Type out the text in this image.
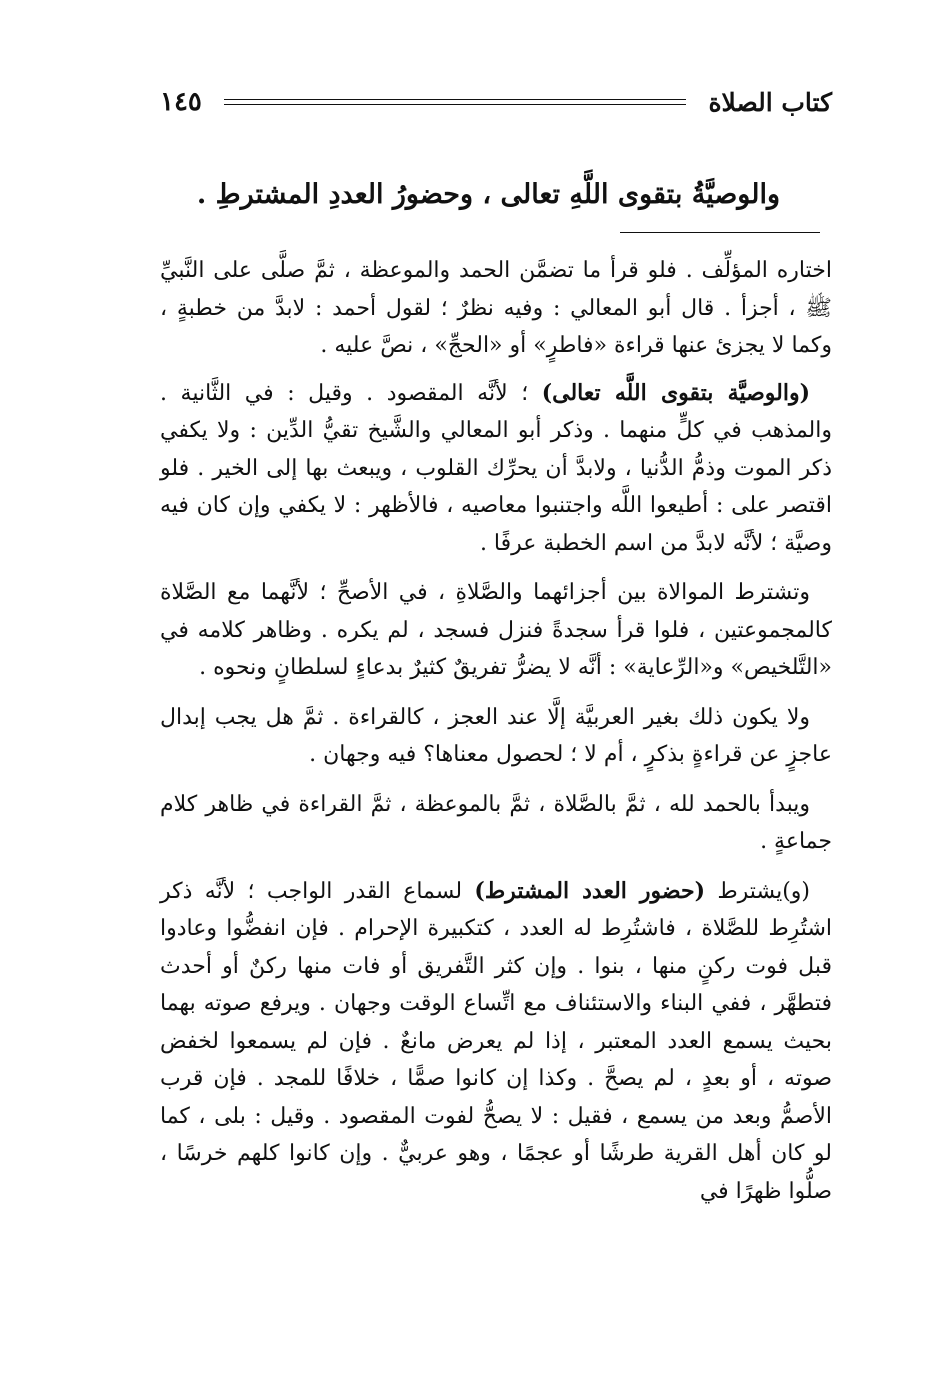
كتاب الصلاة
١٤٥
والوصيَّةُ بتقوى اللَّهِ تعالى ، وحضورُ العددِ المشترطِ .

اختاره المؤلِّف . فلو قرأ ما تضمَّن الحمد والموعظة ، ثمَّ صلَّى على النَّبيِّ ﷺ ، أجزأ . قال أبو المعالي : وفيه نظرٌ ؛ لقول أحمد : لابدَّ من خطبةٍ ، وكما لا يجزئ عنها قراءة «فاطرٍ» أو «الحجِّ» ، نصَّ عليه .

(والوصيَّة بتقوى اللَّه تعالى) ؛ لأنَّه المقصود . وقيل : في الثَّانية . والمذهب في كلٍّ منهما . وذكر أبو المعالي والشَّيخ تقيُّ الدِّين : ولا يكفي ذكر الموت وذمُّ الدُّنيا ، ولابدَّ أن يحرِّك القلوب ، ويبعث بها إلى الخير . فلو اقتصر على : أطيعوا اللَّه واجتنبوا معاصيه ، فالأظهر : لا يكفي وإن كان فيه وصيَّة ؛ لأنَّه لابدَّ من اسم الخطبة عرفًا .

وتشترط الموالاة بين أجزائهما والصَّلاةِ ، في الأصحِّ ؛ لأنَّهما مع الصَّلاة كالمجموعتين ، فلوا قرأ سجدةً فنزل فسجد ، لم يكره . وظاهر كلامه في «التَّلخيص» و«الرِّعاية» : أنَّه لا يضرُّ تفريقٌ كثيرٌ بدعاءٍ لسلطانٍ ونحوه .

ولا يكون ذلك بغير العربيَّة إلَّا عند العجز ، كالقراءة . ثمَّ هل يجب إبدال عاجزٍ عن قراءةٍ بذكرٍ ، أم لا ؛ لحصول معناها؟ فيه وجهان .

ويبدأ بالحمد لله ، ثمَّ بالصَّلاة ، ثمَّ بالموعظة ، ثمَّ القراءة في ظاهر كلام جماعةٍ .

(و)يشترط (حضور العدد المشترط) لسماع القدر الواجب ؛ لأنَّه ذكر اشتُرِط للصَّلاة ، فاشتُرِط له العدد ، كتكبيرة الإحرام . فإن انفضُّوا وعادوا قبل فوت ركنٍ منها ، بنوا . وإن كثر التَّفريق أو فات منها ركنٌ أو أحدث فتطهَّر ، ففي البناء والاستئناف مع اتِّساع الوقت وجهان . ويرفع صوته بهما بحيث يسمع العدد المعتبر ، إذا لم يعرض مانعٌ . فإن لم يسمعوا لخفض صوته ، أو بعدٍ ، لم يصحَّ . وكذا إن كانوا صمًّا ، خلافًا للمجد . فإن قرب الأصمُّ وبعد من يسمع ، فقيل : لا يصحُّ لفوت المقصود . وقيل : بلى ، كما لو كان أهل القرية طرشًا أو عجمًا ، وهو عربيٌّ . وإن كانوا كلهم خرسًا ، صلُّوا ظهرًا في
